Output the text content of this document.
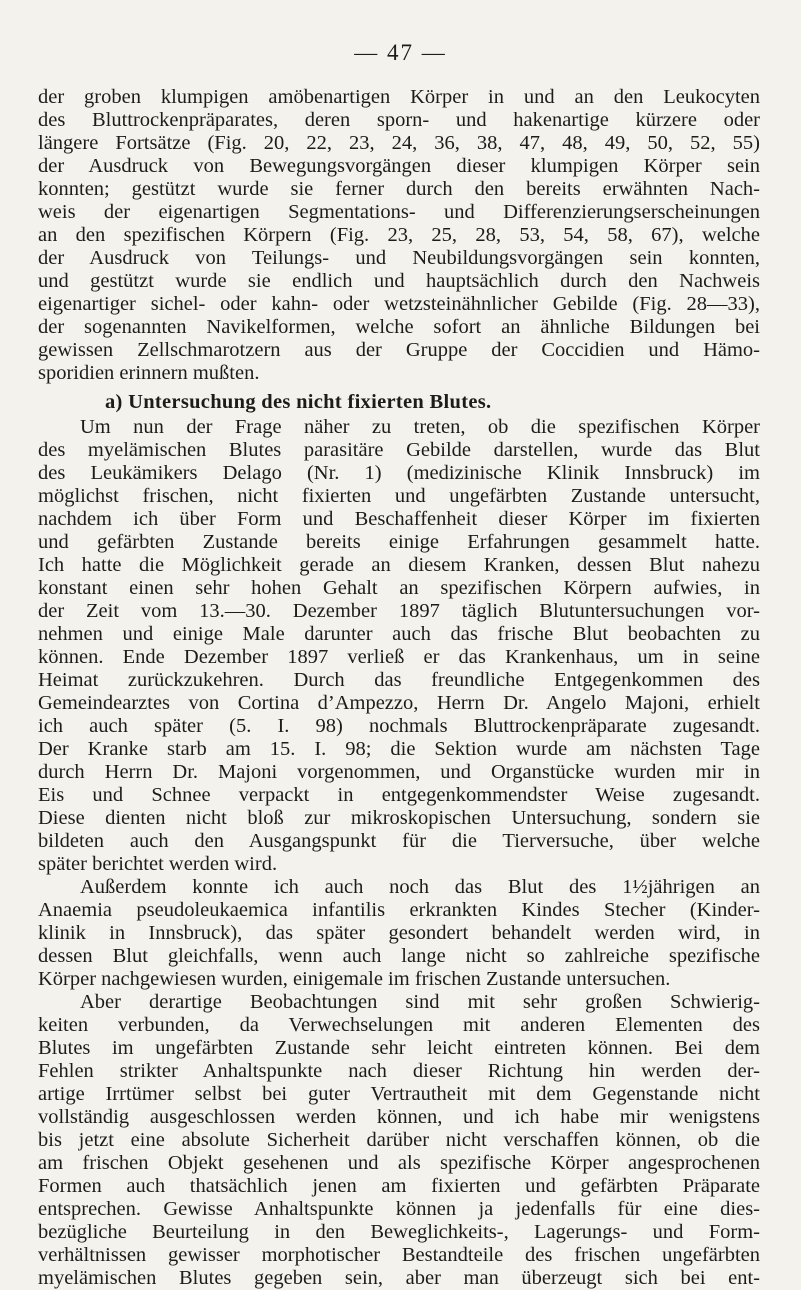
— 47 —
der groben klumpigen amöbenartigen Körper in und an den Leukocyten
des Bluttrockenpräparates, deren sporn- und hakenartige kürzere oder
längere Fortsätze (Fig. 20, 22, 23, 24, 36, 38, 47, 48, 49, 50, 52, 55)
der Ausdruck von Bewegungsvorgängen dieser klumpigen Körper sein
konnten; gestützt wurde sie ferner durch den bereits erwähnten Nach-
weis der eigenartigen Segmentations- und Differenzierungserscheinungen
an den spezifischen Körpern (Fig. 23, 25, 28, 53, 54, 58, 67), welche
der Ausdruck von Teilungs- und Neubildungsvorgängen sein konnten,
und gestützt wurde sie endlich und hauptsächlich durch den Nachweis
eigenartiger sichel- oder kahn- oder wetzsteinähnlicher Gebilde (Fig. 28—33),
der sogenannten Navikelformen, welche sofort an ähnliche Bildungen bei
gewissen Zellschmarotzern aus der Gruppe der Coccidien und Hämo-
sporidien erinnern mußten.
a) Untersuchung des nicht fixierten Blutes.
Um nun der Frage näher zu treten, ob die spezifischen Körper
des myelämischen Blutes parasitäre Gebilde darstellen, wurde das Blut
des Leukämikers Delago (Nr. 1) (medizinische Klinik Innsbruck) im
möglichst frischen, nicht fixierten und ungefärbten Zustande untersucht,
nachdem ich über Form und Beschaffenheit dieser Körper im fixierten
und gefärbten Zustande bereits einige Erfahrungen gesammelt hatte.
Ich hatte die Möglichkeit gerade an diesem Kranken, dessen Blut nahezu
konstant einen sehr hohen Gehalt an spezifischen Körpern aufwies, in
der Zeit vom 13.—30. Dezember 1897 täglich Blutuntersuchungen vor-
nehmen und einige Male darunter auch das frische Blut beobachten zu
können. Ende Dezember 1897 verließ er das Krankenhaus, um in seine
Heimat zurückzukehren. Durch das freundliche Entgegenkommen des
Gemeindearztes von Cortina d’Ampezzo, Herrn Dr. Angelo Majoni, erhielt
ich auch später (5. I. 98) nochmals Bluttrockenpräparate zugesandt.
Der Kranke starb am 15. I. 98; die Sektion wurde am nächsten Tage
durch Herrn Dr. Majoni vorgenommen, und Organstücke wurden mir in
Eis und Schnee verpackt in entgegenkommendster Weise zugesandt.
Diese dienten nicht bloß zur mikroskopischen Untersuchung, sondern sie
bildeten auch den Ausgangspunkt für die Tierversuche, über welche
später berichtet werden wird.
Außerdem konnte ich auch noch das Blut des 1½jährigen an
Anaemia pseudoleukaemica infantilis erkrankten Kindes Stecher (Kinder-
klinik in Innsbruck), das später gesondert behandelt werden wird, in
dessen Blut gleichfalls, wenn auch lange nicht so zahlreiche spezifische
Körper nachgewiesen wurden, einigemale im frischen Zustande untersuchen.
Aber derartige Beobachtungen sind mit sehr großen Schwierig-
keiten verbunden, da Verwechselungen mit anderen Elementen des
Blutes im ungefärbten Zustande sehr leicht eintreten können. Bei dem
Fehlen strikter Anhaltspunkte nach dieser Richtung hin werden der-
artige Irrtümer selbst bei guter Vertrautheit mit dem Gegenstande nicht
vollständig ausgeschlossen werden können, und ich habe mir wenigstens
bis jetzt eine absolute Sicherheit darüber nicht verschaffen können, ob die
am frischen Objekt gesehenen und als spezifische Körper angesprochenen
Formen auch thatsächlich jenen am fixierten und gefärbten Präparate
entsprechen. Gewisse Anhaltspunkte können ja jedenfalls für eine dies-
bezügliche Beurteilung in den Beweglichkeits-, Lagerungs- und Form-
verhältnissen gewisser morphotischer Bestandteile des frischen ungefärbten
myelämischen Blutes gegeben sein, aber man überzeugt sich bei ent-
